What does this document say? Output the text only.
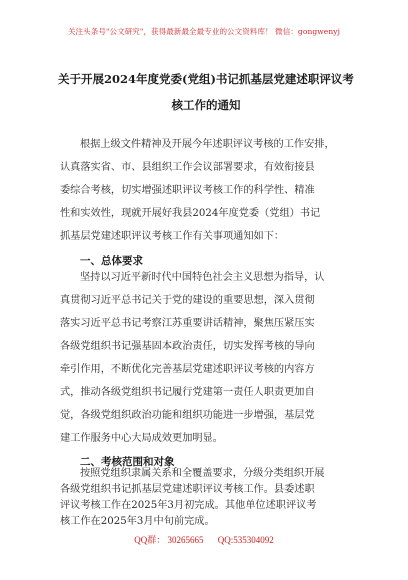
关注头条号"公文研究"，获得最新最全最专业的公文资料库！ 微信：gongwenyj
关于开展2024年度党委(党组)书记抓基层党建述职评议考
核工作的通知
根据上级文件精神及开展今年述职评议考核的工作安排，
认真落实省、市、县组织工作会议部署要求，有效衔接县
委综合考核，切实增强述职评议考核工作的科学性、精准
性和实效性，现就开展好我县2024年度党委（党组）书记
抓基层党建述职评议考核工作有关事项通知如下：
一、总体要求
坚持以习近平新时代中国特色社会主义思想为指导，认
真贯彻习近平总书记关于党的建设的重要思想，深入贯彻
落实习近平总书记考察江苏重要讲话精神，聚焦压紧压实
各级党组织书记强基固本政治责任，切实发挥考核的导向
牵引作用，不断优化完善基层党建述职评议考核的内容方
式，推动各级党组织书记履行党建第一责任人职责更加自
觉，各级党组织政治功能和组织功能进一步增强，基层党
建工作服务中心大局成效更加明显。
二、考核范围和对象
按照党组织隶属关系和全覆盖要求，分级分类组织开展
各级党组织书记抓基层党建述职评议考核工作。县委述职
评议考核工作在2025年3月初完成。其他单位述职评议考
核工作在2025年3月中旬前完成。
QQ群： 30265665 QQ:535304092
